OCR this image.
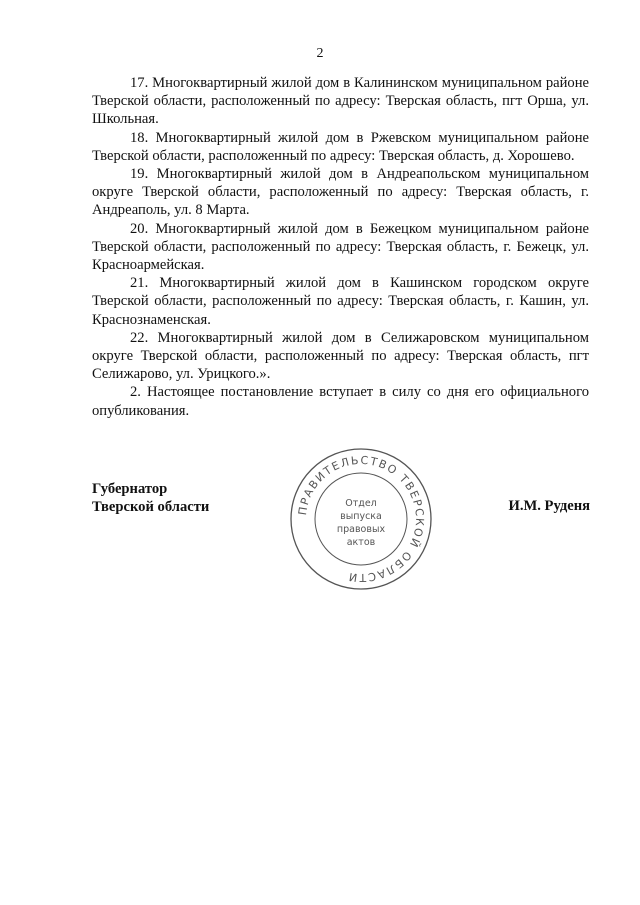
2

17. Многоквартирный жилой дом в Калининском муниципальном районе Тверской области, расположенный по адресу: Тверская область, пгт Орша, ул. Школьная.

18. Многоквартирный жилой дом в Ржевском муниципальном районе Тверской области, расположенный по адресу: Тверская область, д. Хорошево.

19. Многоквартирный жилой дом в Андреапольском муниципальном округе Тверской области, расположенный по адресу: Тверская область, г. Андреаполь, ул. 8 Марта.

20. Многоквартирный жилой дом в Бежецком муниципальном районе Тверской области, расположенный по адресу: Тверская область, г. Бежецк, ул. Красноармейская.

21. Многоквартирный жилой дом в Кашинском городском округе Тверской области, расположенный по адресу: Тверская область, г. Кашин, ул. Краснознаменская.

22. Многоквартирный жилой дом в Селижаровском муниципальном округе Тверской области, расположенный по адресу: Тверская область, пгт Селижарово, ул. Урицкого.».

2. Настоящее постановление вступает в силу со дня его официального опубликования.

Губернатор
Тверской области	ПРАВИТЕЛЬСТВО ТВЕРСКОЙ ОБЛАСТИ
Отдел
выпуска
правовых
актов
И.М. Руденя
